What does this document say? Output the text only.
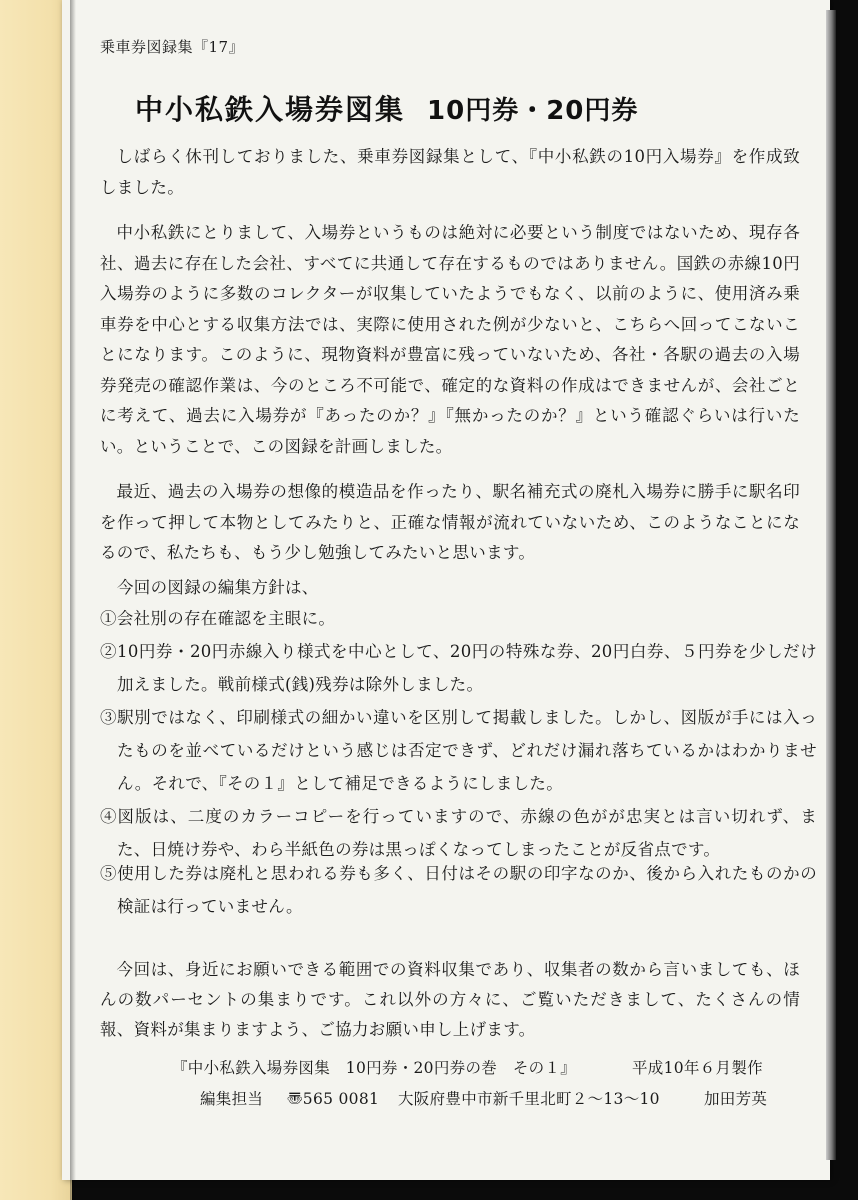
乗車券図録集『17』
中小私鉄入場券図集 10円券・20円券
しばらく休刊しておりました、乗車券図録集として、『中小私鉄の10円入場券』を作成致しました。
中小私鉄にとりまして、入場券というものは絶対に必要という制度ではないため、現存各社、過去に存在した会社、すべてに共通して存在するものではありません。国鉄の赤線10円入場券のように多数のコレクターが収集していたようでもなく、以前のように、使用済み乗車券を中心とする収集方法では、実際に使用された例が少ないと、こちらへ回ってこないことになります。このように、現物資料が豊富に残っていないため、各社・各駅の過去の入場券発売の確認作業は、今のところ不可能で、確定的な資料の作成はできませんが、会社ごとに考えて、過去に入場券が『あったのか？』『無かったのか？』という確認ぐらいは行いたい。ということで、この図録を計画しました。
最近、過去の入場券の想像的模造品を作ったり、駅名補充式の廃札入場券に勝手に駅名印を作って押して本物としてみたりと、正確な情報が流れていないため、このようなことになるので、私たちも、もう少し勉強してみたいと思います。
今回の図録の編集方針は、
①会社別の存在確認を主眼に。
②10円券・20円赤線入り様式を中心として、20円の特殊な券、20円白券、５円券を少しだけ加えました。戦前様式(銭)残券は除外しました。
③駅別ではなく、印刷様式の細かい違いを区別して掲載しました。しかし、図版が手には入ったものを並べているだけという感じは否定できず、どれだけ漏れ落ちているかはわかりません。それで、『その１』として補足できるようにしました。
④図版は、二度のカラーコピーを行っていますので、赤線の色がが忠実とは言い切れず、また、日焼け券や、わら半紙色の券は黒っぽくなってしまったことが反省点です。
⑤使用した券は廃札と思われる券も多く、日付はその駅の印字なのか、後から入れたものかの検証は行っていません。
今回は、身近にお願いできる範囲での資料収集であり、収集者の数から言いましても、ほんの数パーセントの集まりです。これ以外の方々に、ご覧いただきまして、たくさんの情報、資料が集まりますよう、ご協力お願い申し上げます。
『中小私鉄入場券図集　10円券・20円券の巻　その１』	平成10年６月製作
編集担当 〠565 0081 大阪府豊中市新千里北町２～13～10	加田芳英
